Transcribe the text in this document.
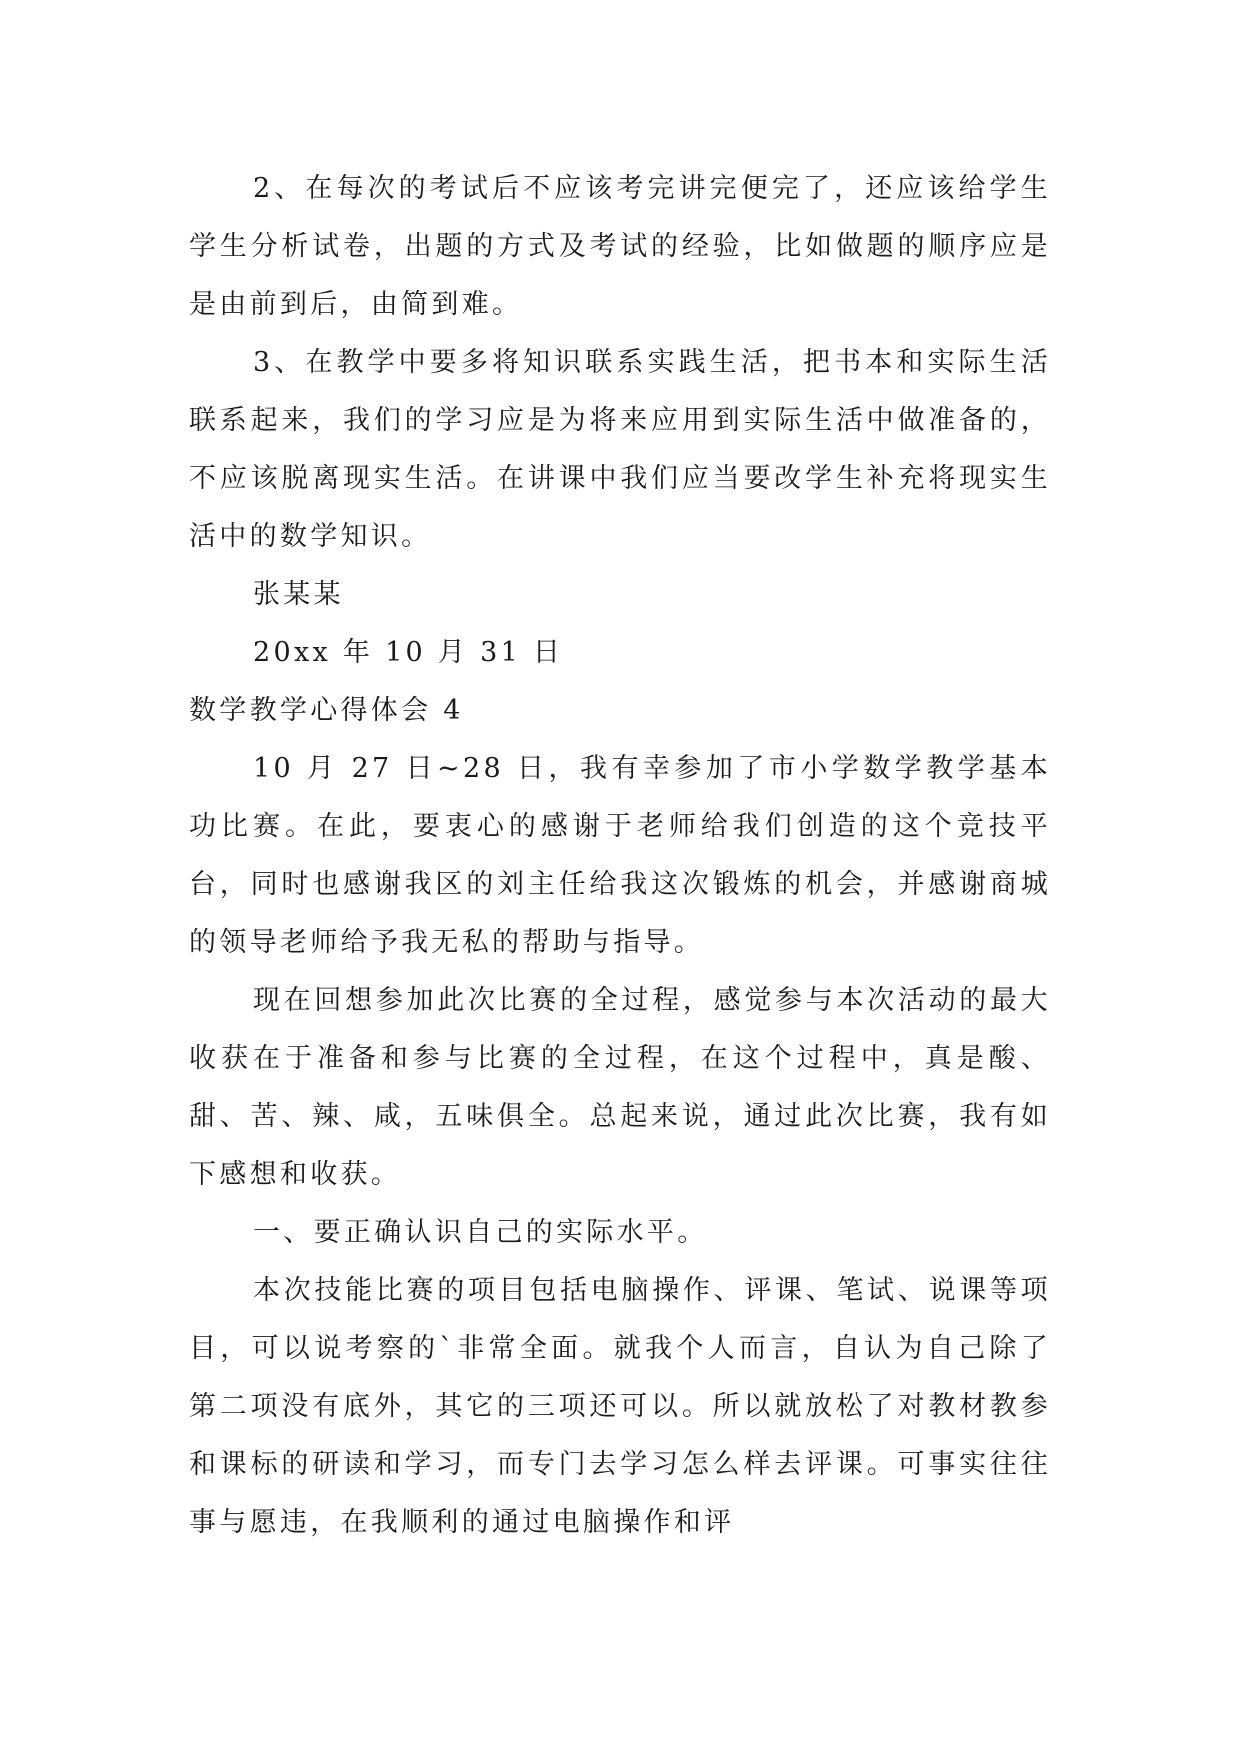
2、在每次的考试后不应该考完讲完便完了，还应该给学生学生分析试卷，出题的方式及考试的经验，比如做题的顺序应是是由前到后，由简到难。

3、在教学中要多将知识联系实践生活，把书本和实际生活联系起来，我们的学习应是为将来应用到实际生活中做准备的，不应该脱离现实生活。在讲课中我们应当要改学生补充将现实生活中的数学知识。

张某某

20xx 年 10 月 31 日

数学教学心得体会 4

10 月 27 日~28 日，我有幸参加了市小学数学教学基本功比赛。在此，要衷心的感谢于老师给我们创造的这个竞技平台，同时也感谢我区的刘主任给我这次锻炼的机会，并感谢商城的领导老师给予我无私的帮助与指导。

现在回想参加此次比赛的全过程，感觉参与本次活动的最大收获在于准备和参与比赛的全过程，在这个过程中，真是酸、甜、苦、辣、咸，五味俱全。总起来说，通过此次比赛，我有如下感想和收获。

一、要正确认识自己的实际水平。

本次技能比赛的项目包括电脑操作、评课、笔试、说课等项目，可以说考察的`非常全面。就我个人而言，自认为自己除了第二项没有底外，其它的三项还可以。所以就放松了对教材教参和课标的研读和学习，而专门去学习怎么样去评课。可事实往往事与愿违，在我顺利的通过电脑操作和评
